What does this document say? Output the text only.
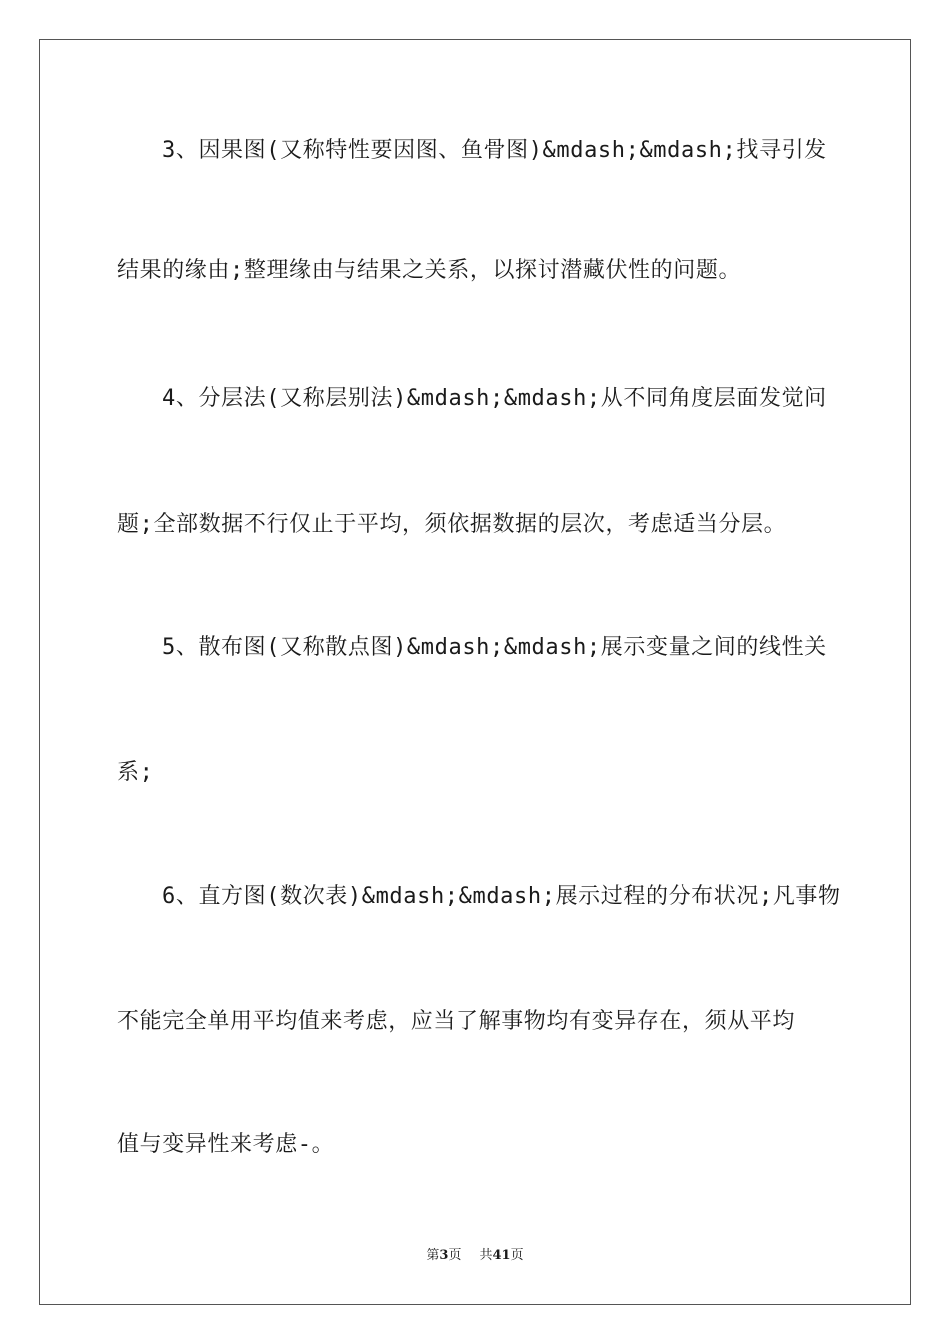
3、因果图(又称特性要因图、鱼骨图)&mdash;&mdash;找寻引发
结果的缘由;整理缘由与结果之关系，以探讨潜藏伏性的问题。
4、分层法(又称层别法)&mdash;&mdash;从不同角度层面发觉问
题;全部数据不行仅止于平均，须依据数据的层次，考虑适当分层。
5、散布图(又称散点图)&mdash;&mdash;展示变量之间的线性关
系;
6、直方图(数次表)&mdash;&mdash;展示过程的分布状况;凡事物
不能完全单用平均值来考虑，应当了解事物均有变异存在，须从平均
值与变异性来考虑-。
第3页 共41页
